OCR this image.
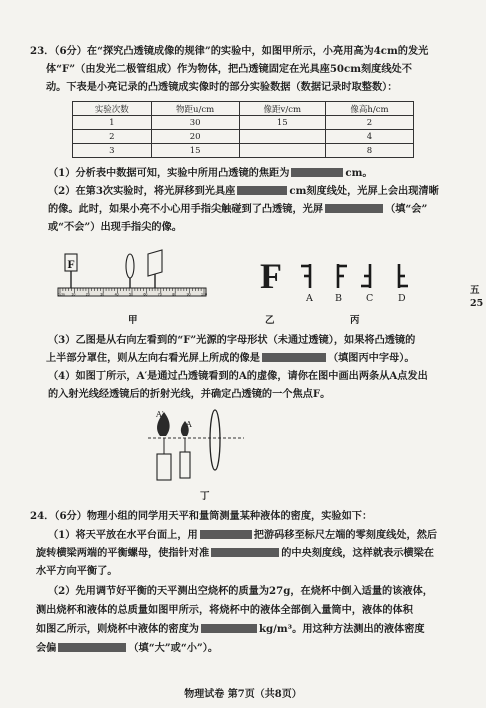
23．（6分）在“探究凸透镜成像的规律”的实验中，如图甲所示，小亮用高为4cm的发光
体“F”（由发光二极管组成）作为物体，把凸透镜固定在光具座50cm刻度线处不
动。下表是小亮记录的凸透镜成实像时的部分实验数据（数据记录时取整数）：
实验次数	物距u/cm	像距v/cm	像高h/cm
1	30	15	2
2	20		4
3	15		8
（1）分析表中数据可知，实验中所用凸透镜的焦距为	cm。
（2）在第3次实验时，将光屏移到光具座	cm刻度线处，光屏上会出现清晰
的像。此时，如果小亮不小心用手指尖触碰到了凸透镜，光屏	（填“会”
或“不会”）出现手指尖的像。
F
0cm 10	20	30	40	50	60	70	80	90	100
甲
F
乙
A B	C	D
丙
（3）乙图是从右向左看到的“F”光源的字母形状（未通过透镜），如果将凸透镜的
上半部分罩住，则从左向右看光屏上所成的像是	（填图丙中字母）。
（4）如图丁所示，A′是通过凸透镜看到的A的虚像，请你在图中画出两条从A点发出
的入射光线经透镜后的折射光线，并确定凸透镜的一个焦点F。
A′
A
丁
24．（6分）物理小组的同学用天平和量筒测量某种液体的密度，实验如下：
（1）将天平放在水平台面上，用	把游码移至标尺左端的零刻度线处，然后
旋转横梁两端的平衡螺母，使指针对准	的中央刻度线，这样就表示横梁在
水平方向平衡了。
（2）先用调节好平衡的天平测出空烧杯的质量为27g，在烧杯中倒入适量的该液体，
测出烧杯和液体的总质量如图甲所示，将烧杯中的液体全部倒入量筒中，液体的体积
如图乙所示，则烧杯中液体的密度为	kg/m³。用这种方法测出的液体密度
会偏	（填“大”或“小”）。
五
25
物理试卷 第7页（共8页）
